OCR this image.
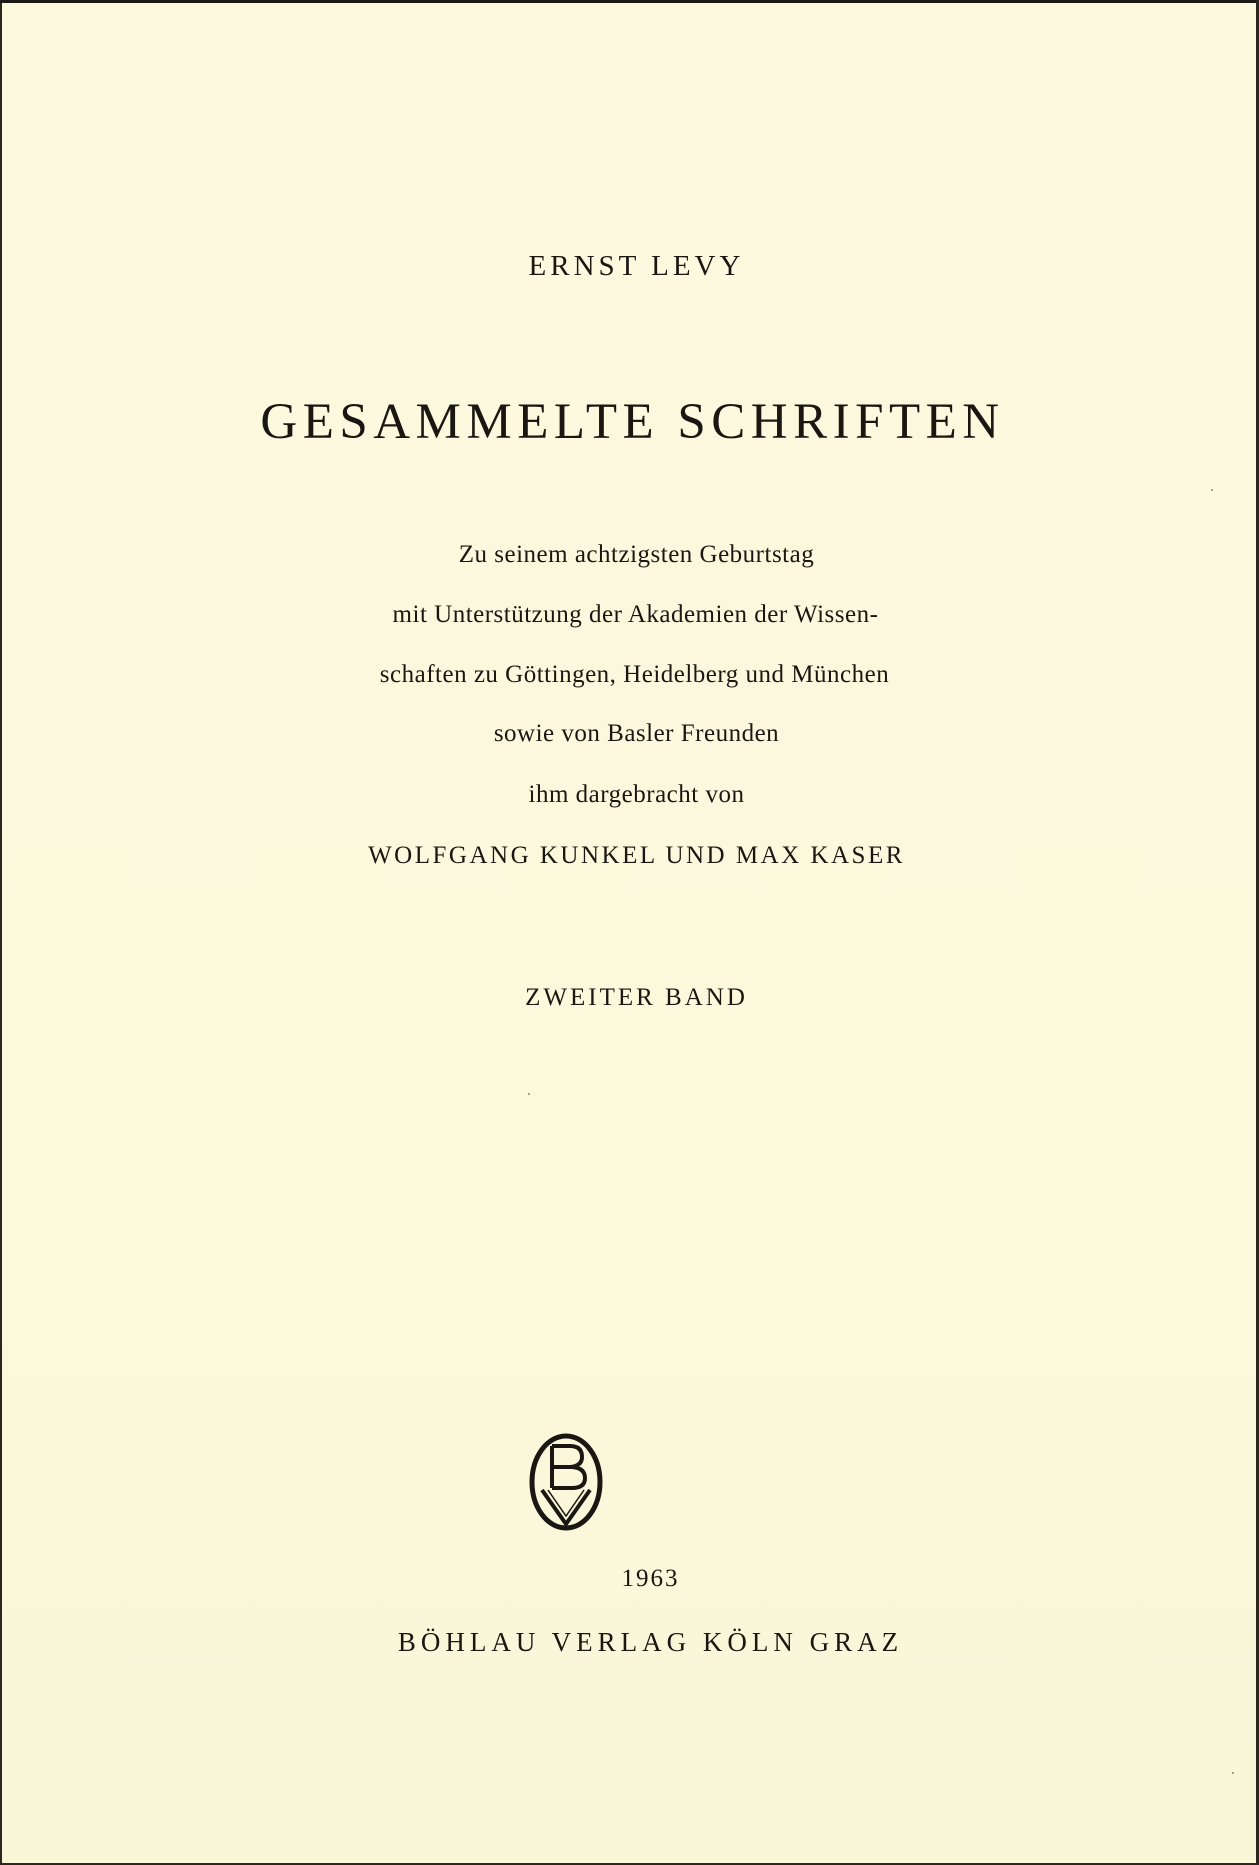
ERNST LEVY
GESAMMELTE SCHRIFTEN
Zu seinem achtzigsten Geburtstag
mit Unterstützung der Akademien der Wissen-
schaften zu Göttingen, Heidelberg und München
sowie von Basler Freunden
ihm dargebracht von
WOLFGANG KUNKEL UND MAX KASER
ZWEITER BAND
1963
BÖHLAU VERLAG KÖLN GRAZ
